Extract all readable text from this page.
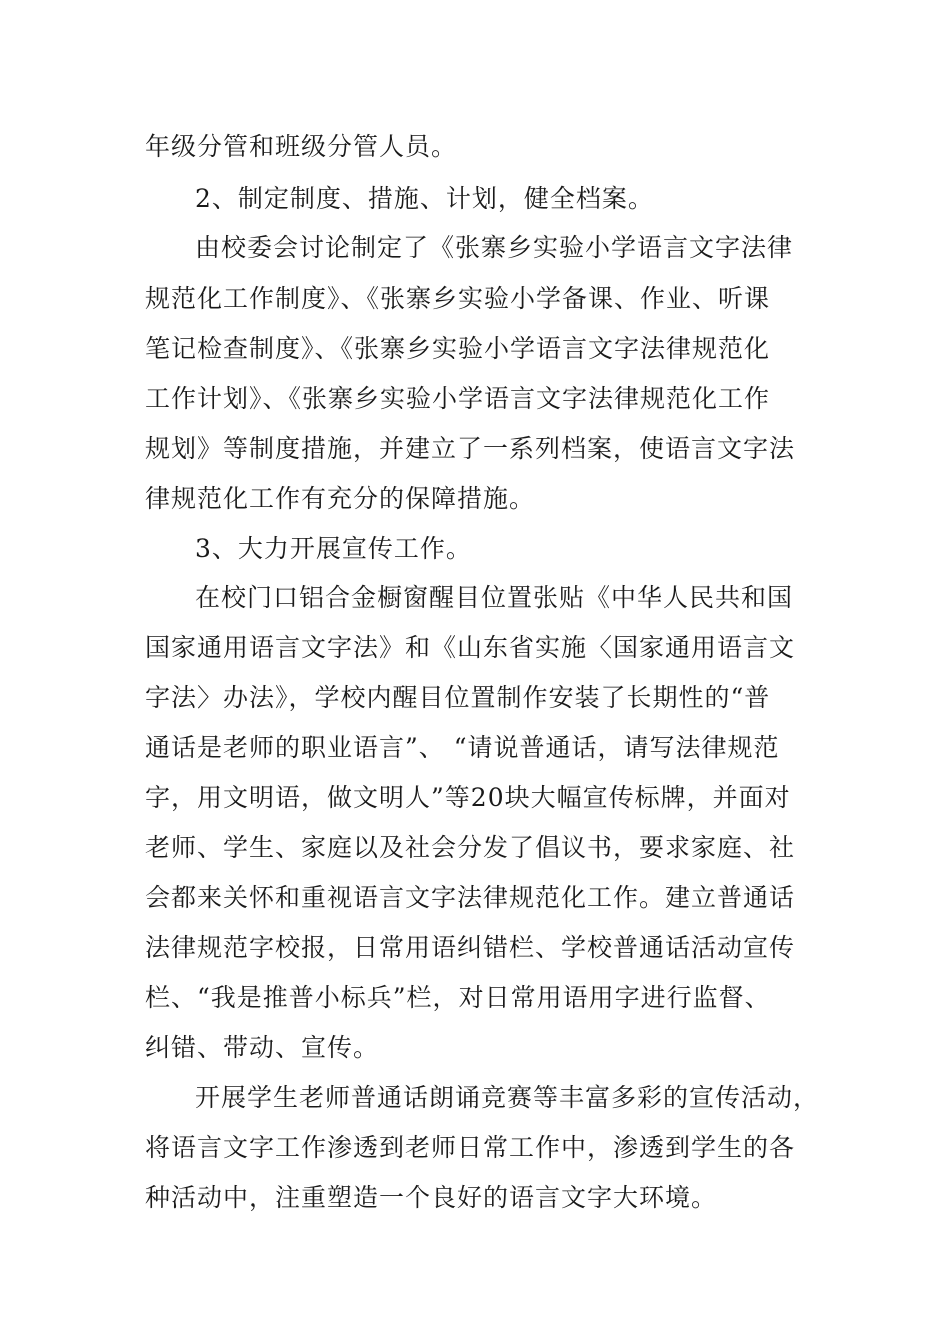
年级分管和班级分管人员。
2、制定制度、措施、计划，健全档案。
由校委会讨论制定了《张寨乡实验小学语言文字法律
规范化工作制度》、《张寨乡实验小学备课、作业、听课
笔记检查制度》、《张寨乡实验小学语言文字法律规范化
工作计划》、《张寨乡实验小学语言文字法律规范化工作
规划》等制度措施，并建立了一系列档案，使语言文字法
律规范化工作有充分的保障措施。
3、大力开展宣传工作。
在校门口铝合金橱窗醒目位置张贴《中华人民共和国
国家通用语言文字法》和《山东省实施〈国家通用语言文
字法〉办法》，学校内醒目位置制作安装了长期性的“普
通话是老师的职业语言”、 “请说普通话，请写法律规范
字，用文明语，做文明人”等20块大幅宣传标牌，并面对
老师、学生、家庭以及社会分发了倡议书，要求家庭、社
会都来关怀和重视语言文字法律规范化工作。建立普通话
法律规范字校报，日常用语纠错栏、学校普通话活动宣传
栏、“我是推普小标兵”栏，对日常用语用字进行监督、
纠错、带动、宣传。
开展学生老师普通话朗诵竞赛等丰富多彩的宣传活动，
将语言文字工作渗透到老师日常工作中，渗透到学生的各
种活动中，注重塑造一个良好的语言文字大环境。
